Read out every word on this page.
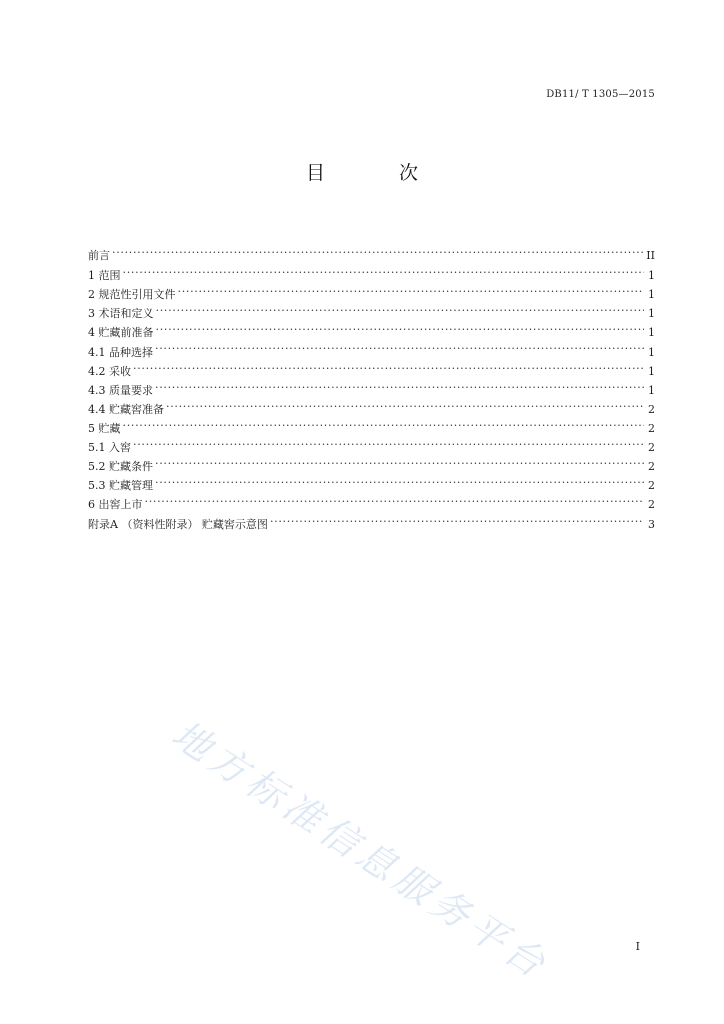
DB11/ T 1305—2015
目 次
前言 . . .	II
1 范围 . . .	1
2 规范性引用文件 . . .	1
3 术语和定义 . . .	1
4 贮藏前准备 . . .	1
4.1 品种选择 . . .	1
4.2 采收 . . .	1
4.3 质量要求 . . .	1
4.4 贮藏窖准备 . . .	2
5 贮藏 . . .	2
5.1 入窖 . . .	2
5.2 贮藏条件 . . .	2
5.3 贮藏管理 . . .	2
6 出窖上市 . . .	2
附录A （资料性附录） 贮藏窖示意图 . . .	3
地方标准信息服务平台	I
